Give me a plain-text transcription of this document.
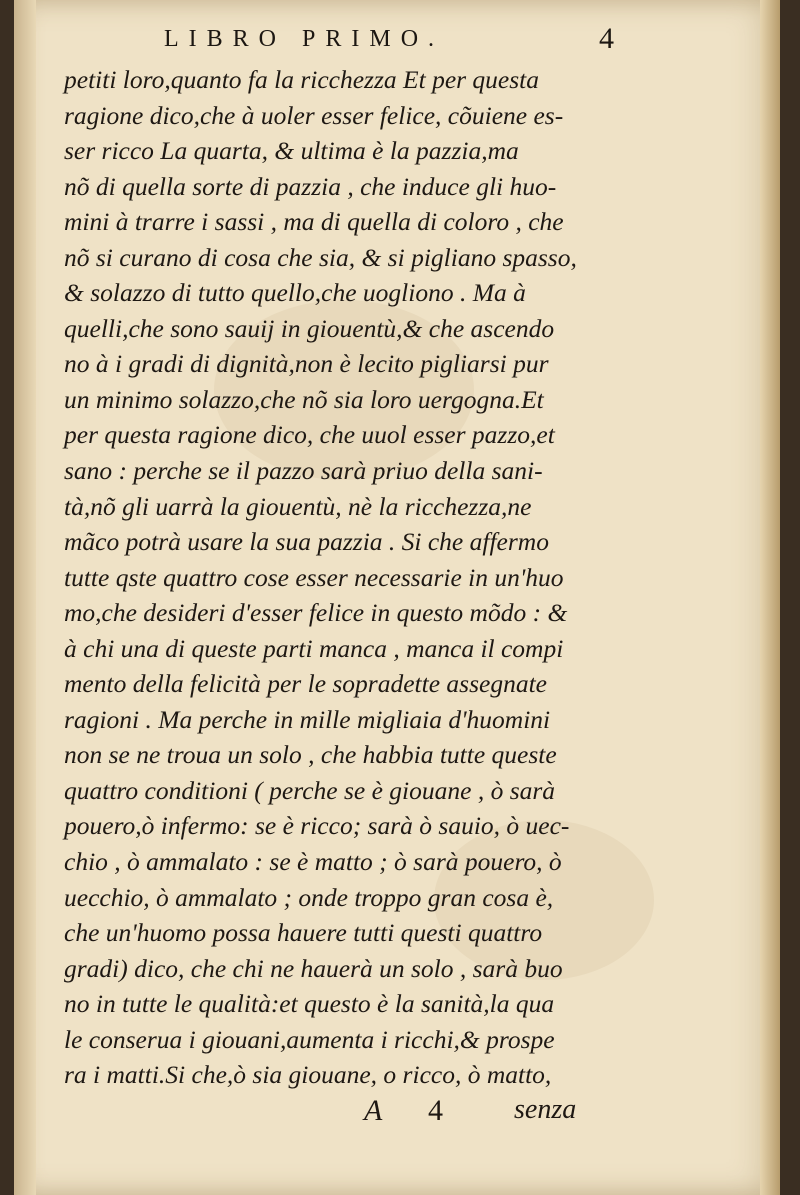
LIBRO PRIMO.	4
petiti loro,quanto fa la ricchezza Et per questa
ragione dico,che à uoler esser felice, cõuiene es-
ser ricco La quarta, & ultima è la pazzia,ma
nõ di quella sorte di pazzia , che induce gli huo-
mini à trarre i sassi , ma di quella di coloro , che
nõ si curano di cosa che sia, & si pigliano spasso,
& solazzo di tutto quello,che uogliono . Ma à
quelli,che sono sauij in giouentù,& che ascendo
no à i gradi di dignità,non è lecito pigliarsi pur
un minimo solazzo,che nõ sia loro uergogna.Et
per questa ragione dico, che uuol esser pazzo,et
sano : perche se il pazzo sarà priuo della sani-
tà,nõ gli uarrà la giouentù, nè la ricchezza,ne
mãco potrà usare la sua pazzia . Si che affermo
tutte qste quattro cose esser necessarie in un'huo
mo,che desideri d'esser felice in questo mõdo : &
à chi una di queste parti manca , manca il compi
mento della felicità per le sopradette assegnate
ragioni . Ma perche in mille migliaia d'huomini
non se ne troua un solo , che habbia tutte queste
quattro conditioni ( perche se è giouane , ò sarà
pouero,ò infermo: se è ricco; sarà ò sauio, ò uec-
chio , ò ammalato : se è matto ; ò sarà pouero, ò
uecchio, ò ammalato ; onde troppo gran cosa è,
che un'huomo possa hauere tutti questi quattro
gradi) dico, che chi ne hauerà un solo , sarà buo
no in tutte le qualità:et questo è la sanità,la qua
le conserua i giouani,aumenta i ricchi,& prospe
ra i matti.Si che,ò sia giouane, o ricco, ò matto,
A 4	senza
